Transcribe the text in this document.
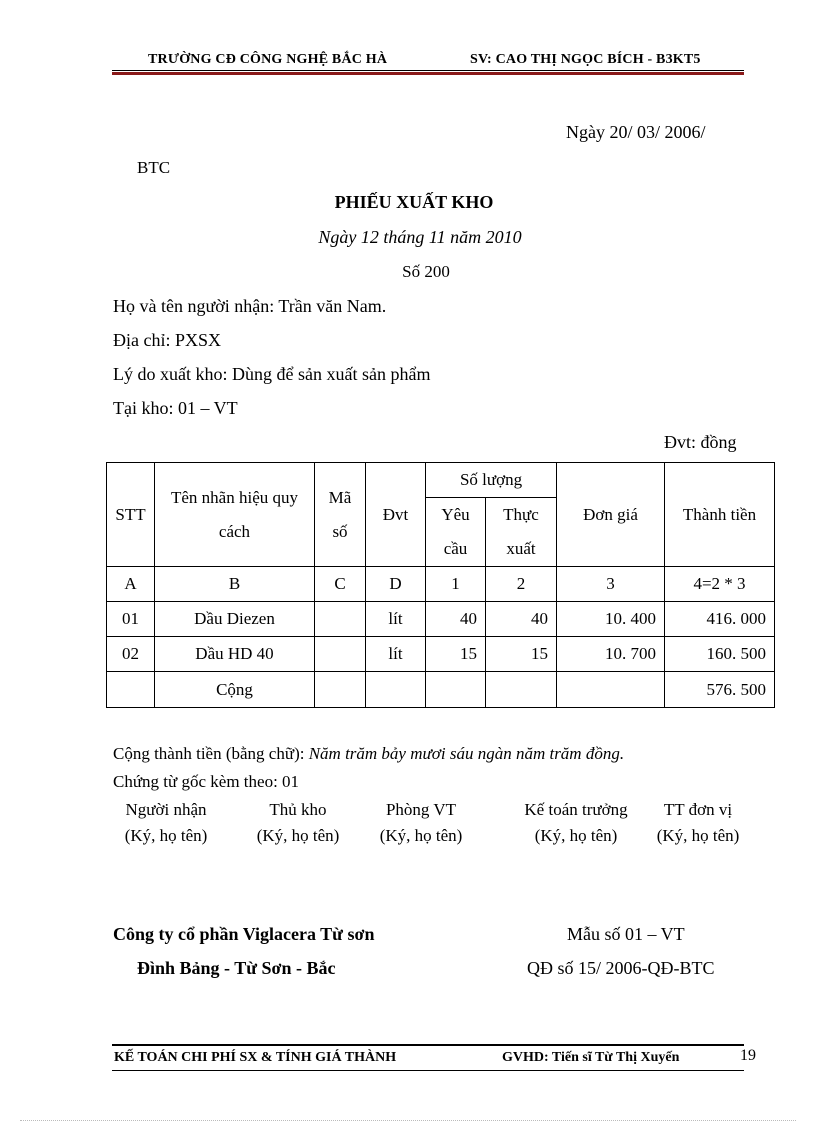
TRƯỜNG CĐ CÔNG NGHỆ BẮC HÀ	SV: CAO THỊ NGỌC BÍCH - B3KT5
Ngày 20/ 03/ 2006/
BTC
PHIẾU XUẤT KHO
Ngày 12 tháng 11 năm 2010
Số 200
Họ và tên người nhận: Trần văn Nam.
Địa chỉ: PXSX
Lý do xuất kho: Dùng để sản xuất sản phẩm
Tại kho: 01 – VT
Đvt: đồng
STT	Tên nhãn hiệu quy cách	Mã số	Đvt	Số lượng		Đơn giá	Thành tiền
				Yêu cầu	Thực xuất		

A	B	C	D	1	2	3	4=2 * 3
01	Dầu Diezen		lít	40	40	10. 400	416. 000
02	Dầu HD 40		lít	15	15	10. 700	160. 500
	Cộng						576. 500
Cộng thành tiền (bằng chữ): Năm trăm bảy mươi sáu ngàn năm trăm đồng.
Chứng từ gốc kèm theo: 01
Người nhận
(Ký, họ tên)
Thủ kho
(Ký, họ tên)
Phòng VT
(Ký, họ tên)
Kế toán trưởng
(Ký, họ tên)
TT đơn vị
(Ký, họ tên)
Công ty cổ phần Viglacera Từ sơn
Đình Bảng - Từ Sơn - Bắc
Mẫu số 01 – VT
QĐ số 15/ 2006-QĐ-BTC
KẾ TOÁN CHI PHÍ SX & TÍNH GIÁ THÀNH	GVHD: Tiến sĩ Từ Thị Xuyến	19
